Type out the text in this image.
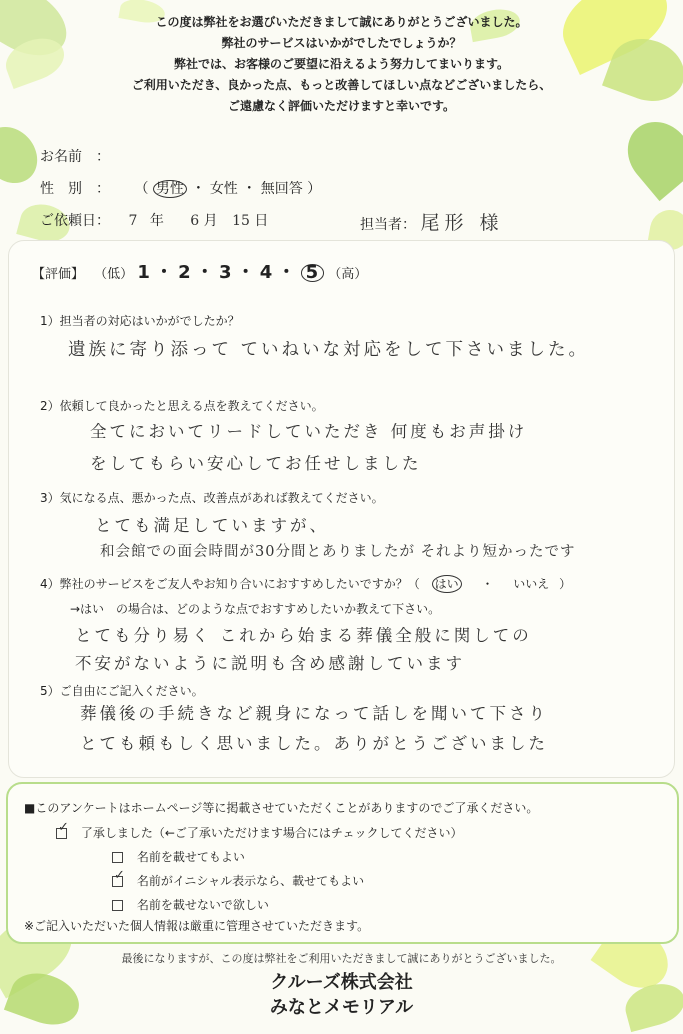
この度は弊社をお選びいただきまして誠にありがとうございました。
弊社のサービスはいかがでしたでしょうか？
弊社では、お客様のご要望に沿えるよう努力してまいります。
ご利用いただき、良かった点、もっと改善してほしい点などございましたら、
ご遠慮なく評価いただけますと幸いです。
お名前　：
性　別　： （ 男性 ・ 女性 ・ 無回答 ）
ご依頼日： 7 年 6 月 15 日	担当者： 尾形 様
【評価】 （低） 1 ・ 2 ・ 3 ・ 4 ・ 5 （高）
1）担当者の対応はいかがでしたか？
遺族に寄り添って ていねいな対応をして下さいました。
2）依頼して良かったと思える点を教えてください。
全てにおいてリードしていただき 何度もお声掛け
をしてもらい安心してお任せしました
3）気になる点、悪かった点、改善点があれば教えてください。
とても満足していますが、
和会館での面会時間が30分間とありましたが それより短かったです
4）弊社のサービスをご友人やお知り合いにおすすめしたいですか？（ はい ・ いいえ ）
→はい　の場合は、どのような点でおすすめしたいか教えて下さい。
とても分り易く これから始まる葬儀全般に関しての
不安がないように説明も含め感謝しています
5）ご自由にご記入ください。
葬儀後の手続きなど親身になって話しを聞いて下さり
とても頼もしく思いました。ありがとうございました
■このアンケートはホームページ等に掲載させていただくことがありますのでご了承ください。
✓ 了承しました（←ご了承いただけます場合にはチェックしてください）
名前を載せてもよい
✓ 名前がイニシャル表示なら、載せてもよい
名前を載せないで欲しい
※ご記入いただいた個人情報は厳重に管理させていただきます。
最後になりますが、この度は弊社をご利用いただきまして誠にありがとうございました。
クルーズ株式会社
みなとメモリアル
